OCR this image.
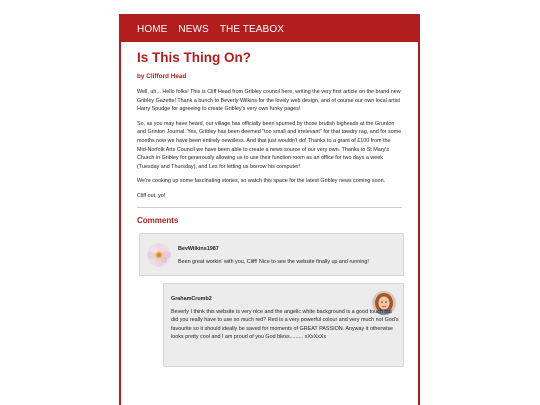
HOME NEWS THE TEABOX
Is This Thing On?
by Clifford Head

Well, uh... Hello folks! This is Cliff Head from Gribley council here, writing the very first article on the brand new Gribley Gazette! Thank a bunch to Beverly Wilkins for the lovely web design, and of course our own local artist Harry Spudge for agreeing to create Gribley's very own funky pages!

So, as you may have heard, our village has officially been spurned by those brutish bigheads at the Grunton and Grinton Journal. Yes, Gribley has been deemed "too small and irrelevant" for that tawdry rag, and for some months now we have been entirely newsless. And that just wouldn't do! Thanks to a grant of £100 from the Mid-Norfolk Arts Council we have been able to create a news source of our very own. Thanks to St Mary's Church in Gribley for generously allowing us to use their function room as an office for two days a week (Tuesday and Thursday), and Les for letting us borrow his computer!

We're cooking up some fascinating stories, so watch this space for the latest Gribley news coming soon.

Cliff out, yo!

Comments
BevWilkins1987
Been great workin' with you, Cliff! Nice to see the website finally up and running!
GrahamCrumb2
Beverly I think this website is very nice and the angelic white background is a good touch but did you really have to use so much red? Red is a very powerful colour and very much not God's favourite so it should ideally be saved for moments of GREAT PASSION. Anyway it otherwise looks pretty cool and I am proud of you God bless......... xXxXxXx
